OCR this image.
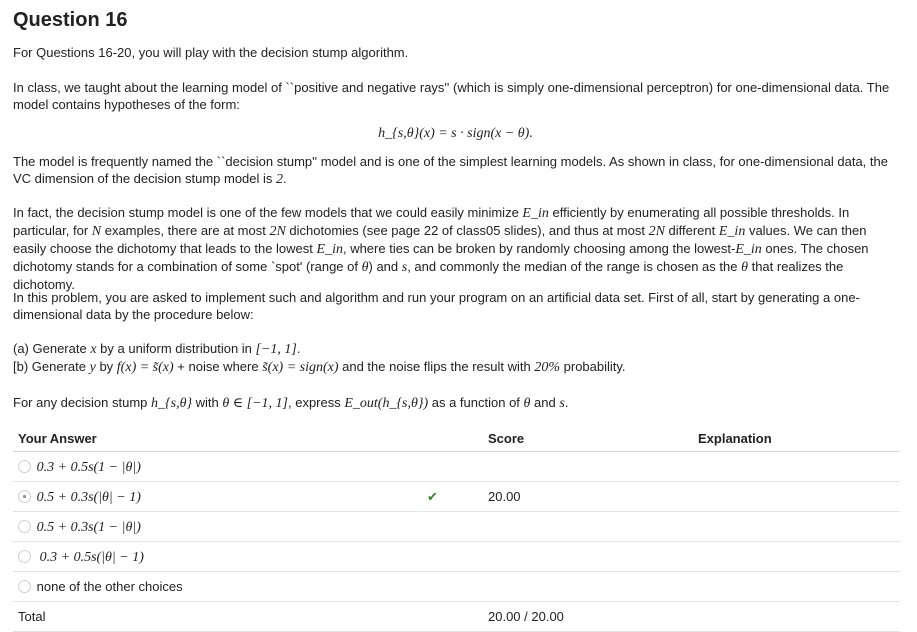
Question 16

For Questions 16-20, you will play with the decision stump algorithm.

In class, we taught about the learning model of ``positive and negative rays'' (which is simply one-dimensional perceptron) for one-dimensional data. The model contains hypotheses of the form:

h_{s,θ}(x) = s · sign(x − θ).

The model is frequently named the ``decision stump'' model and is one of the simplest learning models. As shown in class, for one-dimensional data, the VC dimension of the decision stump model is 2.

In fact, the decision stump model is one of the few models that we could easily minimize E_in efficiently by enumerating all possible thresholds. In particular, for N examples, there are at most 2N dichotomies (see page 22 of class05 slides), and thus at most 2N different E_in values. We can then easily choose the dichotomy that leads to the lowest E_in, where ties can be broken by randomly choosing among the lowest-E_in ones. The chosen dichotomy stands for a combination of some `spot' (range of θ) and s, and commonly the median of the range is chosen as the θ that realizes the dichotomy.

In this problem, you are asked to implement such and algorithm and run your program on an artificial data set. First of all, start by generating a one-dimensional data by the procedure below:

(a) Generate x by a uniform distribution in [−1, 1].

[b) Generate y by f(x) = s̃(x) + noise where s̃(x) = sign(x) and the noise flips the result with 20% probability.

For any decision stump h_{s,θ} with θ ∈ [−1, 1], express E_out(h_{s,θ}) as a function of θ and s.

Your Answer	Score	Explanation
0.3 + 0.5s(1 − |θ|)		
0.5 + 0.3s(|θ| − 1) ✔	20.00	
0.5 + 0.3s(1 − |θ|)		
0.3 + 0.5s(|θ| − 1)		
none of the other choices		
Total	20.00 / 20.00	
